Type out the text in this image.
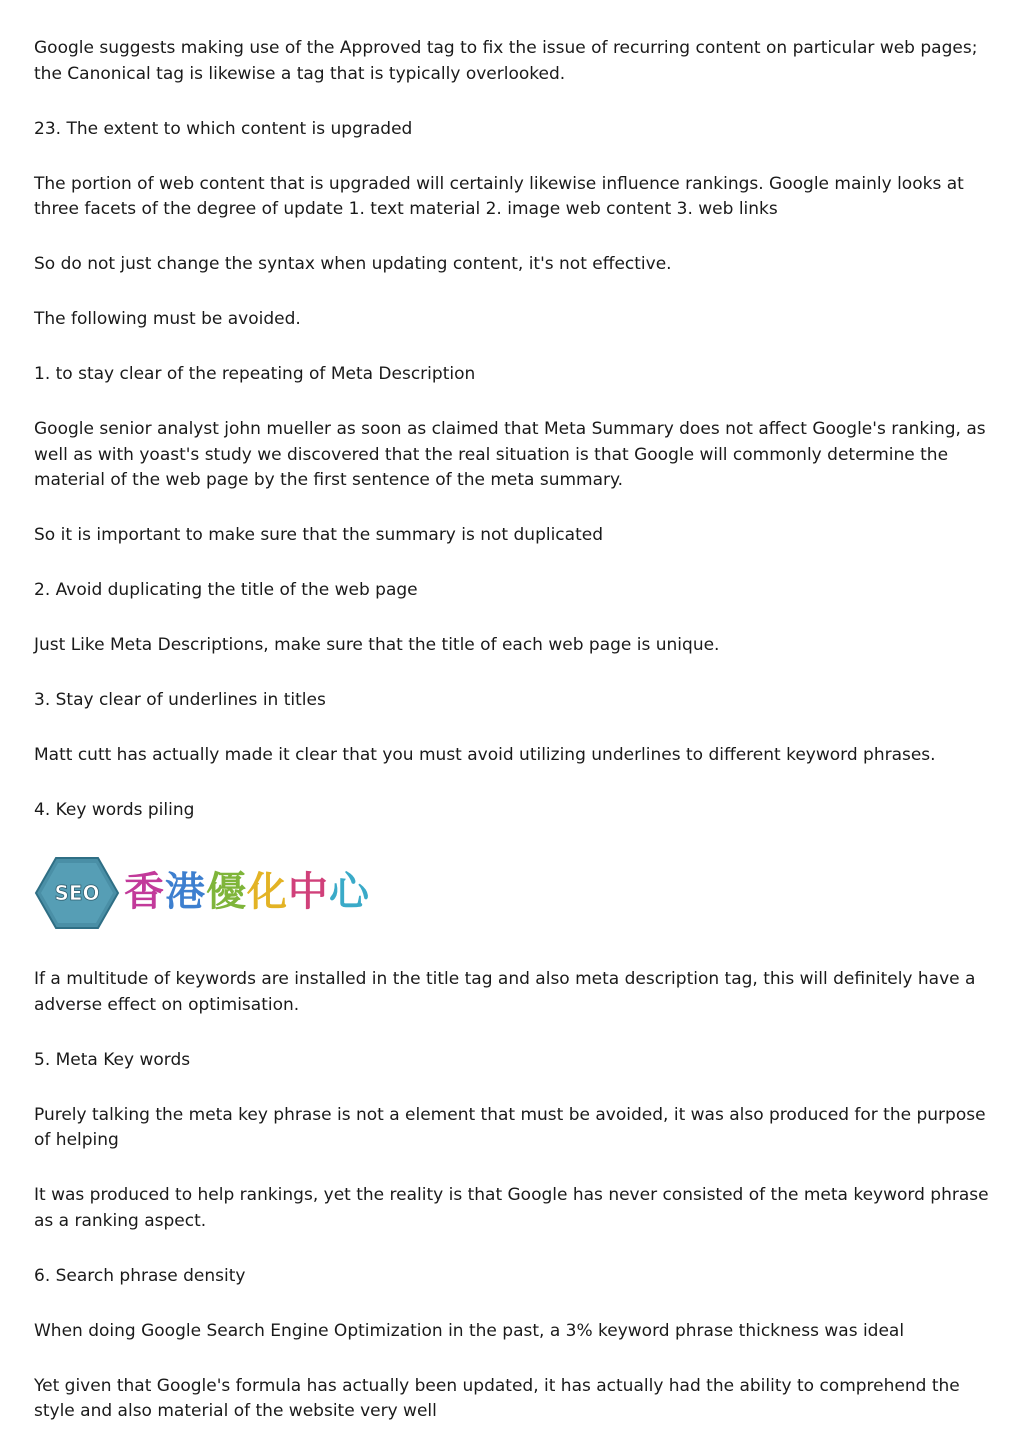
Google suggests making use of the Approved tag to fix the issue of recurring content on particular web pages; the Canonical tag is likewise a tag that is typically overlooked.

23. The extent to which content is upgraded

The portion of web content that is upgraded will certainly likewise influence rankings. Google mainly looks at three facets of the degree of update 1. text material 2. image web content 3. web links

So do not just change the syntax when updating content, it's not effective.

The following must be avoided.

1. to stay clear of the repeating of Meta Description

Google senior analyst john mueller as soon as claimed that Meta Summary does not affect Google's ranking, as well as with yoast's study we discovered that the real situation is that Google will commonly determine the material of the web page by the first sentence of the meta summary.

So it is important to make sure that the summary is not duplicated

2. Avoid duplicating the title of the web page

Just Like Meta Descriptions, make sure that the title of each web page is unique.

3. Stay clear of underlines in titles

Matt cutt has actually made it clear that you must avoid utilizing underlines to different keyword phrases.

4. Key words piling

SEO 香港優化中心

If a multitude of keywords are installed in the title tag and also meta description tag, this will definitely have a adverse effect on optimisation.

5. Meta Key words

Purely talking the meta key phrase is not a element that must be avoided, it was also produced for the purpose of helping

It was produced to help rankings, yet the reality is that Google has never consisted of the meta keyword phrase as a ranking aspect.

6. Search phrase density

When doing Google Search Engine Optimization in the past, a 3% keyword phrase thickness was ideal

Yet given that Google's formula has actually been updated, it has actually had the ability to comprehend the style and also material of the website very well
